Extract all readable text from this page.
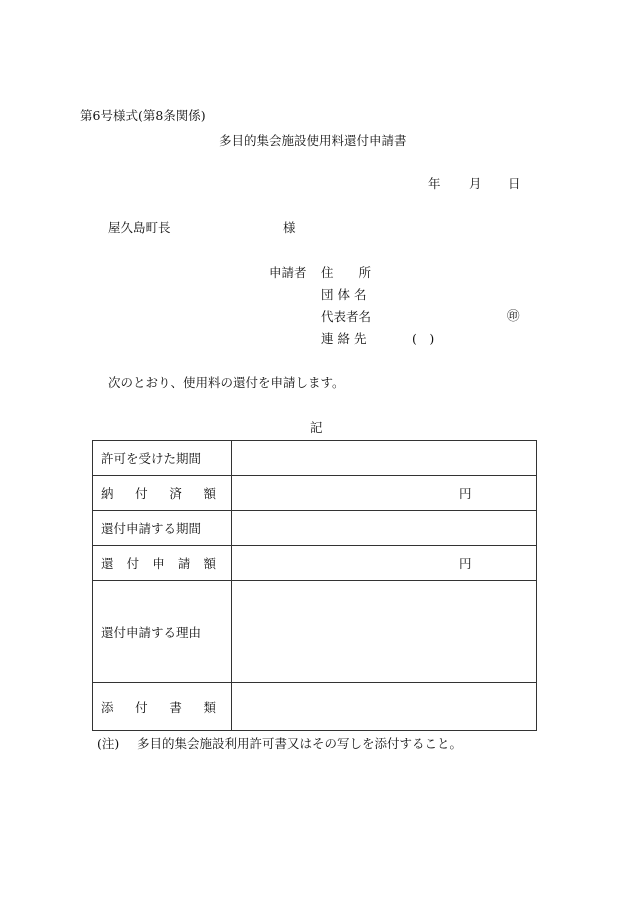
第6号様式(第8条関係)
多目的集会施設使用料還付申請書
年 月 日
屋久島町長	様
申請者 住　　所
団 体 名
代表者名	㊞
連 絡 先	(　)
次のとおり、使用料の還付を申請します。
記
許可を受けた期間	

納 付 済 額	円

還付申請する期間	

還 付 申 請 額	円

還付申請する理由	

添 付 書 類	

(注) 多目的集会施設利用許可書又はその写しを添付すること。
